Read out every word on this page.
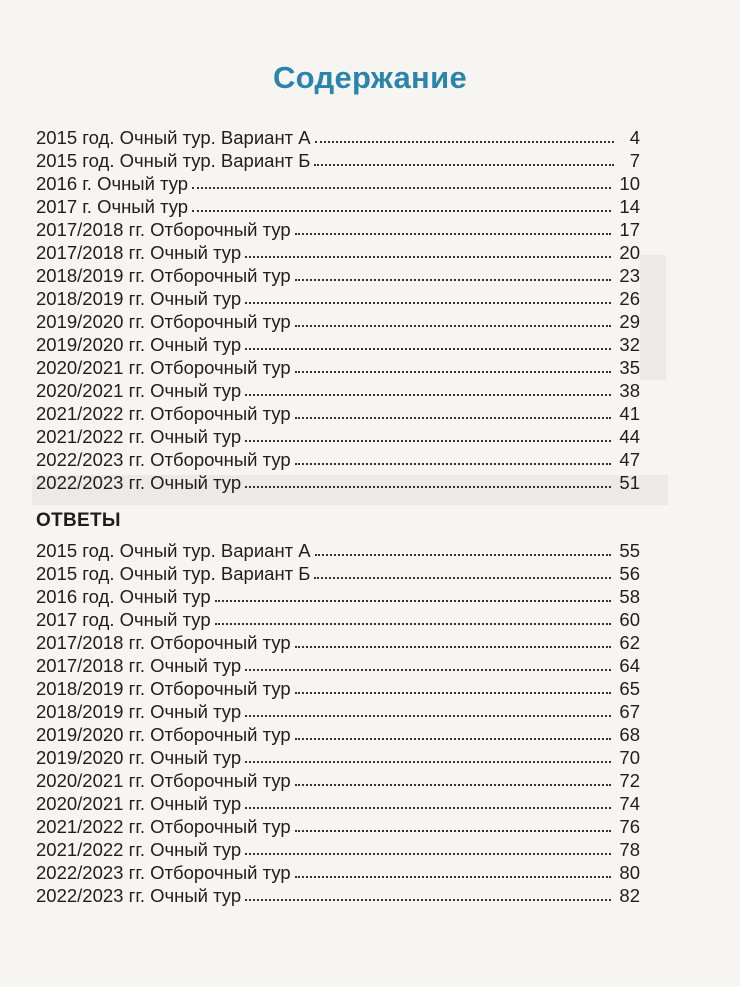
Содержание
2015 год. Очный тур. Вариант А	4
2015 год. Очный тур. Вариант Б	7
2016 г. Очный тур	10
2017 г. Очный тур	14
2017/2018 гг. Отборочный тур	17
2017/2018 гг. Очный тур	20
2018/2019 гг. Отборочный тур	23
2018/2019 гг. Очный тур	26
2019/2020 гг. Отборочный тур	29
2019/2020 гг. Очный тур	32
2020/2021 гг. Отборочный тур	35
2020/2021 гг. Очный тур	38
2021/2022 гг. Отборочный тур	41
2021/2022 гг. Очный тур	44
2022/2023 гг. Отборочный тур	47
2022/2023 гг. Очный тур	51
ОТВЕТЫ
2015 год. Очный тур. Вариант А	55
2015 год. Очный тур. Вариант Б	56
2016 год. Очный тур	58
2017 год. Очный тур	60
2017/2018 гг. Отборочный тур	62
2017/2018 гг. Очный тур	64
2018/2019 гг. Отборочный тур	65
2018/2019 гг. Очный тур	67
2019/2020 гг. Отборочный тур	68
2019/2020 гг. Очный тур	70
2020/2021 гг. Отборочный тур	72
2020/2021 гг. Очный тур	74
2021/2022 гг. Отборочный тур	76
2021/2022 гг. Очный тур	78
2022/2023 гг. Отборочный тур	80
2022/2023 гг. Очный тур	82
